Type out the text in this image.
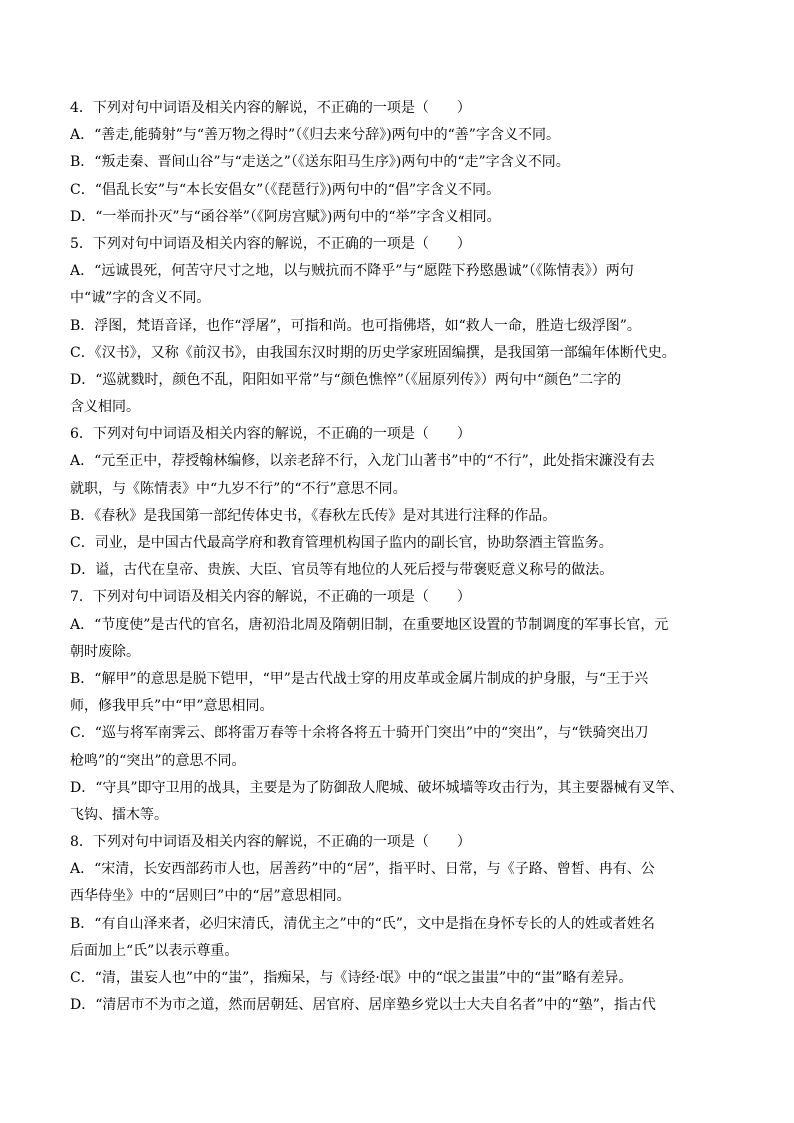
4．下列对句中词语及相关内容的解说，不正确的一项是（　　）
A．“善走,能骑射”与“善万物之得时”（《归去来兮辞》)两句中的“善”字含义不同。
B．“叛走秦、晋间山谷”与“走送之”（《送东阳马生序》)两句中的“走”字含义不同。
C．“倡乱长安”与“本长安倡女”（《琵琶行》)两句中的“倡”字含义不同。
D．“一举而扑灭”与“函谷举”（《阿房宫赋》)两句中的“举”字含义相同。
5．下列对句中词语及相关内容的解说，不正确的一项是（　　）
A．“远诚畏死，何苦守尺寸之地，以与贼抗而不降乎”与“愿陛下矜愍愚诚”（《陈情表》）两句
中“诚”字的含义不同。
B．浮图，梵语音译，也作“浮屠”，可指和尚。也可指佛塔，如“救人一命，胜造七级浮图”。
C．《汉书》，又称《前汉书》，由我国东汉时期的历史学家班固编撰，是我国第一部编年体断代史。
D．“巡就戮时，颜色不乱，阳阳如平常”与“颜色憔悴”（《屈原列传》）两句中“颜色”二字的
含义相同。
6．下列对句中词语及相关内容的解说，不正确的一项是（　　）
A．“元至正中，荐授翰林编修，以亲老辞不行，入龙门山著书”中的“不行”，此处指宋濂没有去
就职，与《陈情表》中“九岁不行”的“不行”意思不同。
B．《春秋》是我国第一部纪传体史书，《春秋左氏传》是对其进行注释的作品。
C．司业，是中国古代最高学府和教育管理机构国子监内的副长官，协助祭酒主管监务。
D．谥，古代在皇帝、贵族、大臣、官员等有地位的人死后授与带褒贬意义称号的做法。
7．下列对句中词语及相关内容的解说，不正确的一项是（　　）
A．“节度使”是古代的官名，唐初沿北周及隋朝旧制，在重要地区设置的节制调度的军事长官，元
朝时废除。
B．“解甲”的意思是脱下铠甲，“甲”是古代战士穿的用皮革或金属片制成的护身服，与“王于兴
师，修我甲兵”中“甲”意思相同。
C．“巡与将军南霁云、郎将雷万春等十余将各将五十骑开门突出”中的“突出”，与“铁骑突出刀
枪鸣”的“突出”的意思不同。
D．“守具”即守卫用的战具，主要是为了防御敌人爬城、破坏城墙等攻击行为，其主要器械有叉竿、
飞钩、擂木等。
8．下列对句中词语及相关内容的解说，不正确的一项是（　　）
A．“宋清，长安西部药市人也，居善药”中的“居”，指平时、日常，与《子路、曾皙、冉有、公
西华侍坐》中的“居则曰”中的“居”意思相同。
B．“有自山泽来者，必归宋清氏，清优主之”中的“氏”，文中是指在身怀专长的人的姓或者姓名
后面加上“氏”以表示尊重。
C．“清，蚩妄人也”中的“蚩”，指痴呆，与《诗经·氓》中的“氓之蚩蚩”中的“蚩”略有差异。
D．“清居市不为市之道，然而居朝廷、居官府、居庠塾乡党以士大夫自名者”中的“塾”，指古代
